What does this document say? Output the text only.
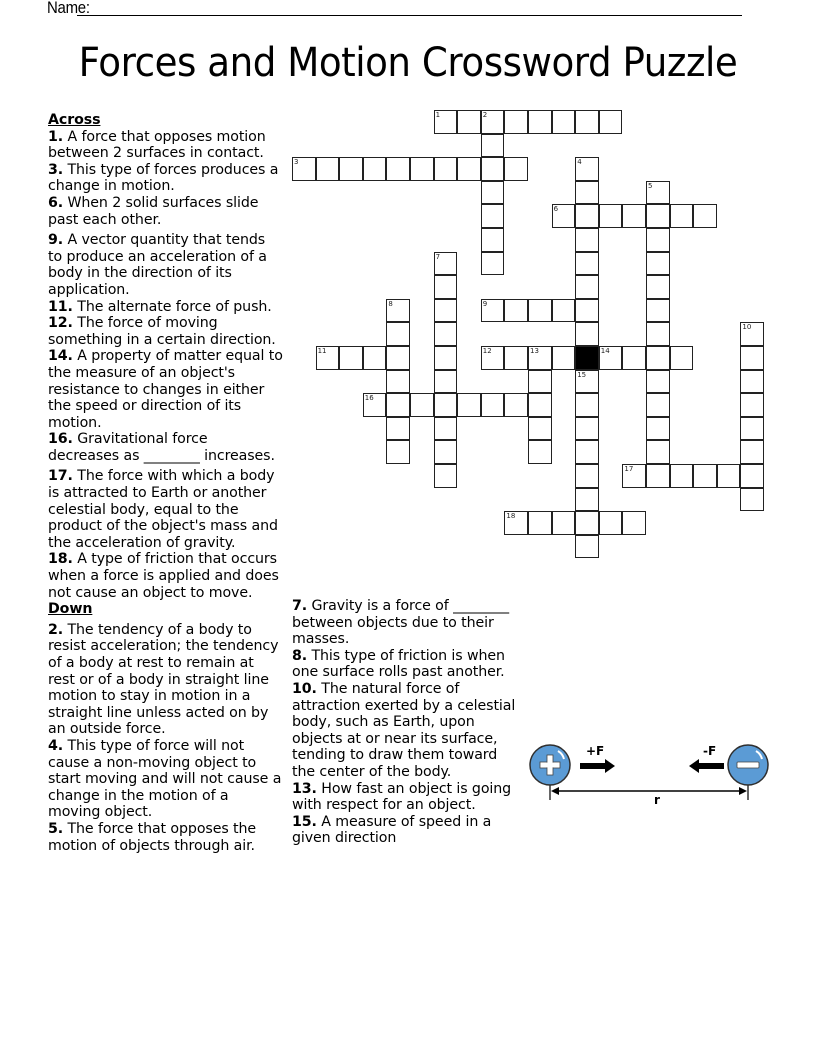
Name:
Forces and Motion Crossword Puzzle
Across
1. A force that opposes motion between 2 surfaces in contact.
3. This type of forces produces a change in motion.
6. When 2 solid surfaces slide past each other.
9. A vector quantity that tends to produce an acceleration of a body in the direction of its application.
11. The alternate force of push.
12. The force of moving something in a certain direction.
14. A property of matter equal to the measure of an object's resistance to changes in either the speed or direction of its motion.
16. Gravitational force decreases as ________ increases.
17. The force with which a body is attracted to Earth or another celestial body, equal to the product of the object's mass and the acceleration of gravity.
18. A type of friction that occurs when a force is applied and does not cause an object to move.
Down
2. The tendency of a body to resist acceleration; the tendency of a body at rest to remain at rest or of a body in straight line motion to stay in motion in a straight line unless acted on by an outside force.
4. This type of force will not cause a non-moving object to start moving and will not cause a change in the motion of a moving object.
5. The force that opposes the motion of objects through air.
7. Gravity is a force of ________ between objects due to their masses.
8. This type of friction is when one surface rolls past another.
10. The natural force of attraction exerted by a celestial body, such as Earth, upon objects at or near its surface, tending to draw them toward the center of the body.
13. How fast an object is going with respect for an object.
15. A measure of speed in a given direction
1	2
3	4
5
6
7
8	9
10
11	12	13	14
15
16
17
18
+F	-F
r
